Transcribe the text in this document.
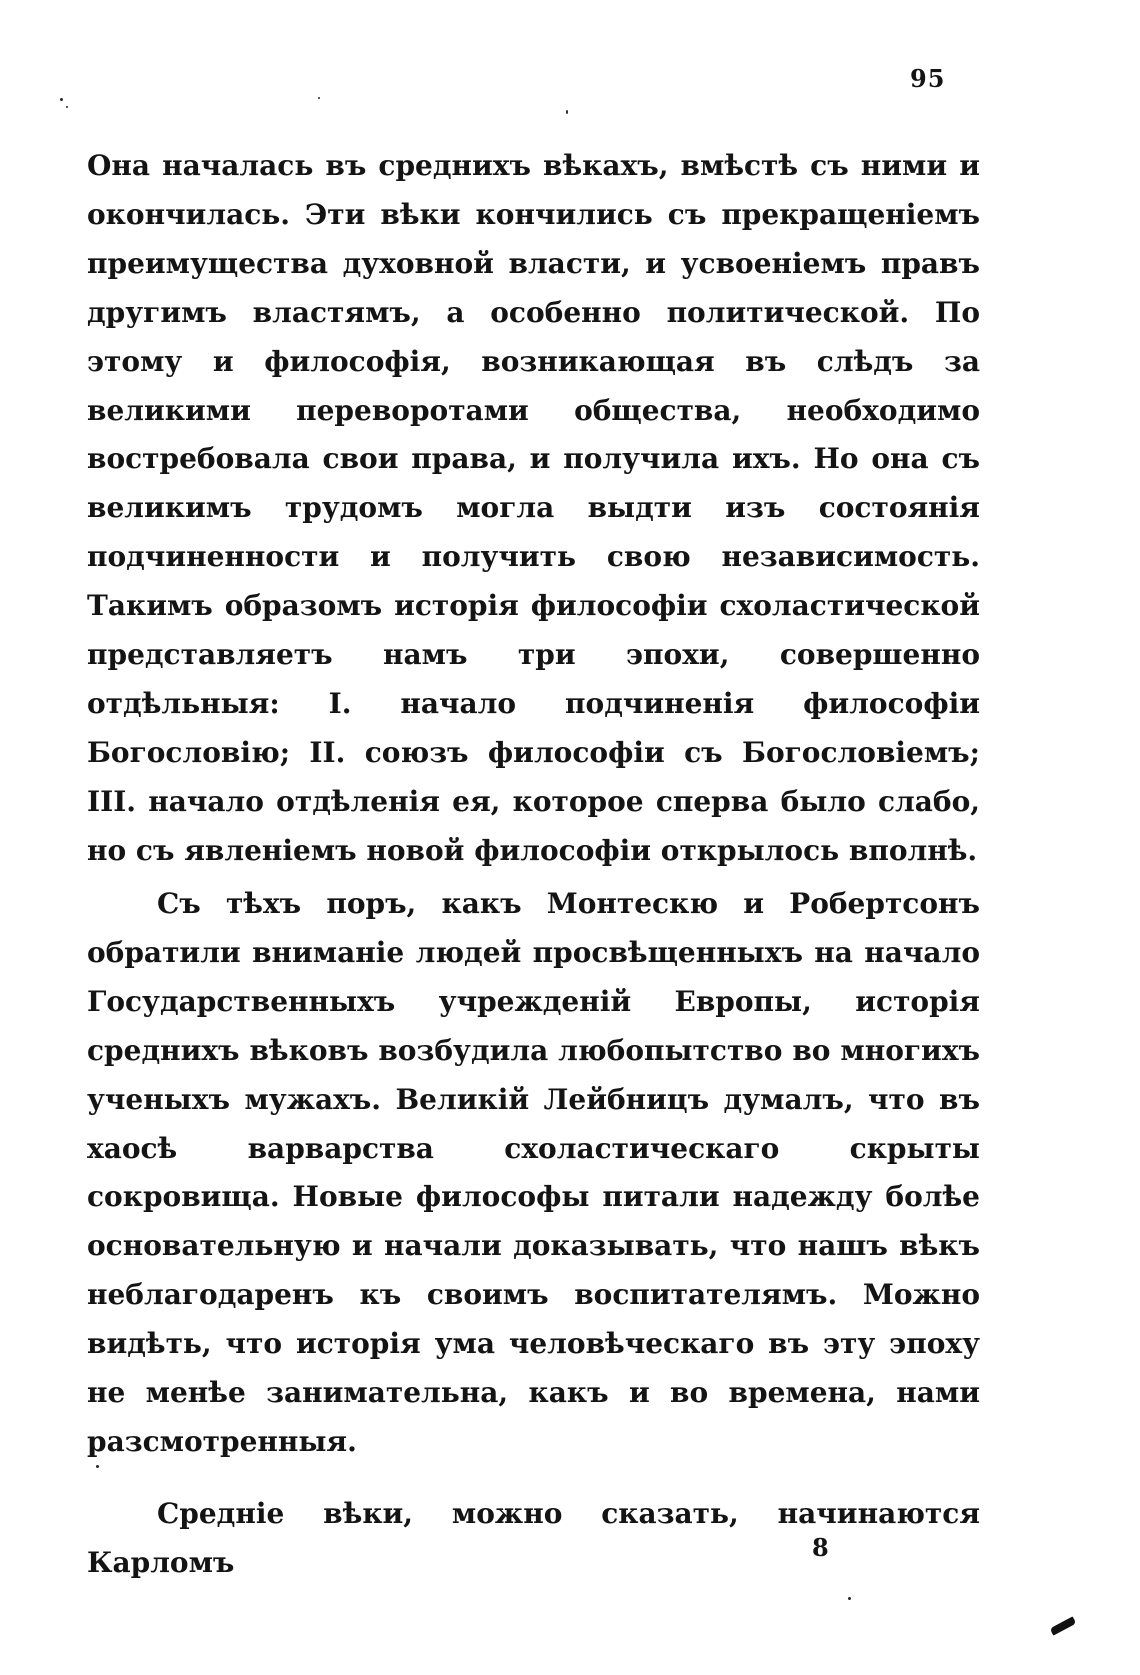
95
Она началась въ среднихъ вѣкахъ, вмѣстѣ съ ними и окончилась. Эти вѣки кончились съ прекращеніемъ преимущества духовной власти, и усвоеніемъ правъ другимъ властямъ, а особенно политической. По этому и философія, возникающая въ слѣдъ за великими переворотами общества, необходимо востребовала свои права, и получила ихъ. Но она съ великимъ трудомъ могла выдти изъ состоянія подчиненности и получить свою независимость. Такимъ образомъ исторія философіи схоластической представляетъ намъ три эпохи, совершенно отдѣльныя: I. начало подчиненія философіи Богословію; II. союзъ философіи съ Богословіемъ; III. начало отдѣленія ея, которое сперва было слабо, но съ явленіемъ новой философіи открылось вполнѣ.
Съ тѣхъ поръ, какъ Монтескю и Робертсонъ обратили вниманіе людей просвѣщенныхъ на начало Государственныхъ учрежденій Европы, исторія среднихъ вѣковъ возбудила любопытство во многихъ ученыхъ мужахъ. Великій Лейбницъ думалъ, что въ хаосѣ варварства схоластическаго скрыты сокровища. Новые философы питали надежду болѣе основательную и начали доказывать, что нашъ вѣкъ неблагодаренъ къ своимъ воспитателямъ. Можно видѣть, что исторія ума человѣческаго въ эту эпоху не менѣе занимательна, какъ и во времена, нами разсмотренныя.
Средніе вѣки, можно сказать, начинаются Карломъ	8
